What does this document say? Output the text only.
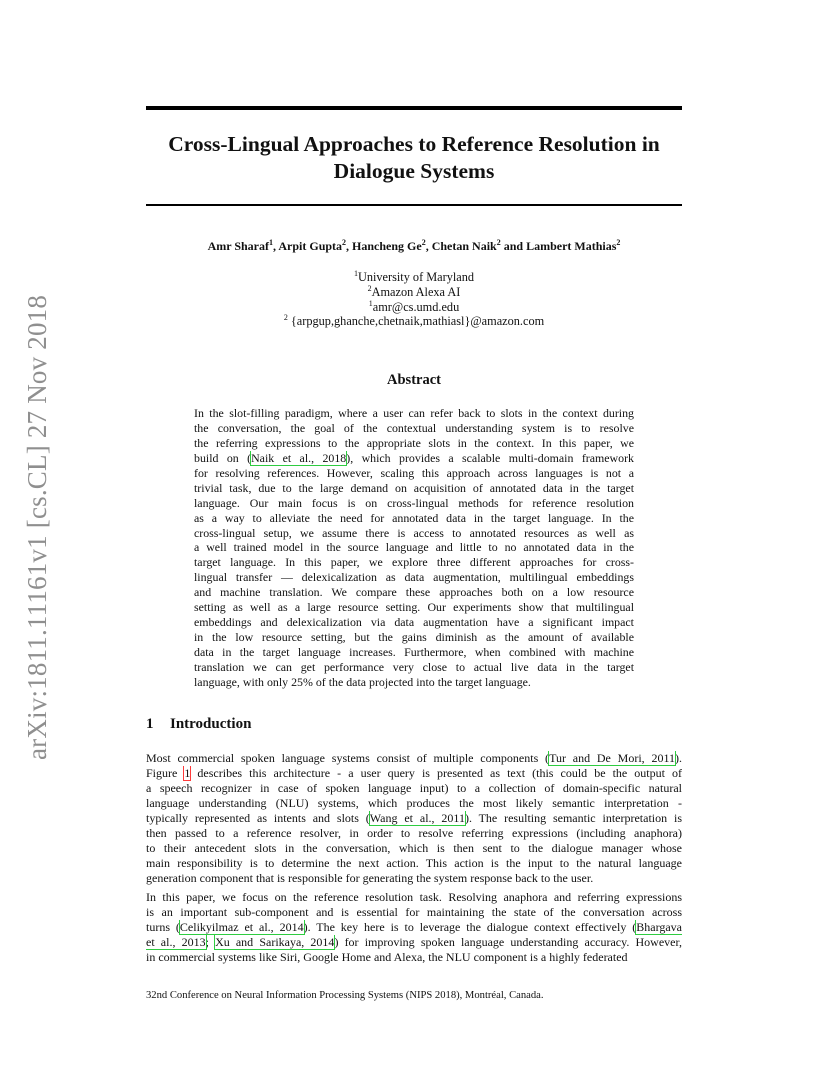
arXiv:1811.11161v1 [cs.CL] 27 Nov 2018
Cross-Lingual Approaches to Reference Resolution in
Dialogue Systems
Amr Sharaf$^1$, Arpit Gupta$^2$, Hancheng Ge$^2$, Chetan Naik$^2$ and Lambert Mathias$^2$
$^1$University of Maryland
$^2$Amazon Alexa AI
$^1$amr@cs.umd.edu
$^2$ {arpgup,ghanche,chetnaik,mathiasl}@amazon.com
Abstract
In the slot-filling paradigm, where a user can refer back to slots in the context during
the conversation, the goal of the contextual understanding system is to resolve
the referring expressions to the appropriate slots in the context. In this paper, we
build on (Naik et al., 2018), which provides a scalable multi-domain framework
for resolving references. However, scaling this approach across languages is not a
trivial task, due to the large demand on acquisition of annotated data in the target
language. Our main focus is on cross-lingual methods for reference resolution
as a way to alleviate the need for annotated data in the target language. In the
cross-lingual setup, we assume there is access to annotated resources as well as
a well trained model in the source language and little to no annotated data in the
target language. In this paper, we explore three different approaches for cross-
lingual transfer — delexicalization as data augmentation, multilingual embeddings
and machine translation. We compare these approaches both on a low resource
setting as well as a large resource setting. Our experiments show that multilingual
embeddings and delexicalization via data augmentation have a significant impact
in the low resource setting, but the gains diminish as the amount of available
data in the target language increases. Furthermore, when combined with machine
translation we can get performance very close to actual live data in the target
language, with only 25% of the data projected into the target language.
1 Introduction
Most commercial spoken language systems consist of multiple components (Tur and De Mori, 2011).
Figure 1 describes this architecture - a user query is presented as text (this could be the output of
a speech recognizer in case of spoken language input) to a collection of domain-specific natural
language understanding (NLU) systems, which produces the most likely semantic interpretation -
typically represented as intents and slots (Wang et al., 2011). The resulting semantic interpretation is
then passed to a reference resolver, in order to resolve referring expressions (including anaphora)
to their antecedent slots in the conversation, which is then sent to the dialogue manager whose
main responsibility is to determine the next action. This action is the input to the natural language
generation component that is responsible for generating the system response back to the user.
In this paper, we focus on the reference resolution task. Resolving anaphora and referring expressions
is an important sub-component and is essential for maintaining the state of the conversation across
turns (Celikyilmaz et al., 2014). The key here is to leverage the dialogue context effectively (Bhargava
et al., 2013; Xu and Sarikaya, 2014) for improving spoken language understanding accuracy. However,
in commercial systems like Siri, Google Home and Alexa, the NLU component is a highly federated
32nd Conference on Neural Information Processing Systems (NIPS 2018), Montréal, Canada.
